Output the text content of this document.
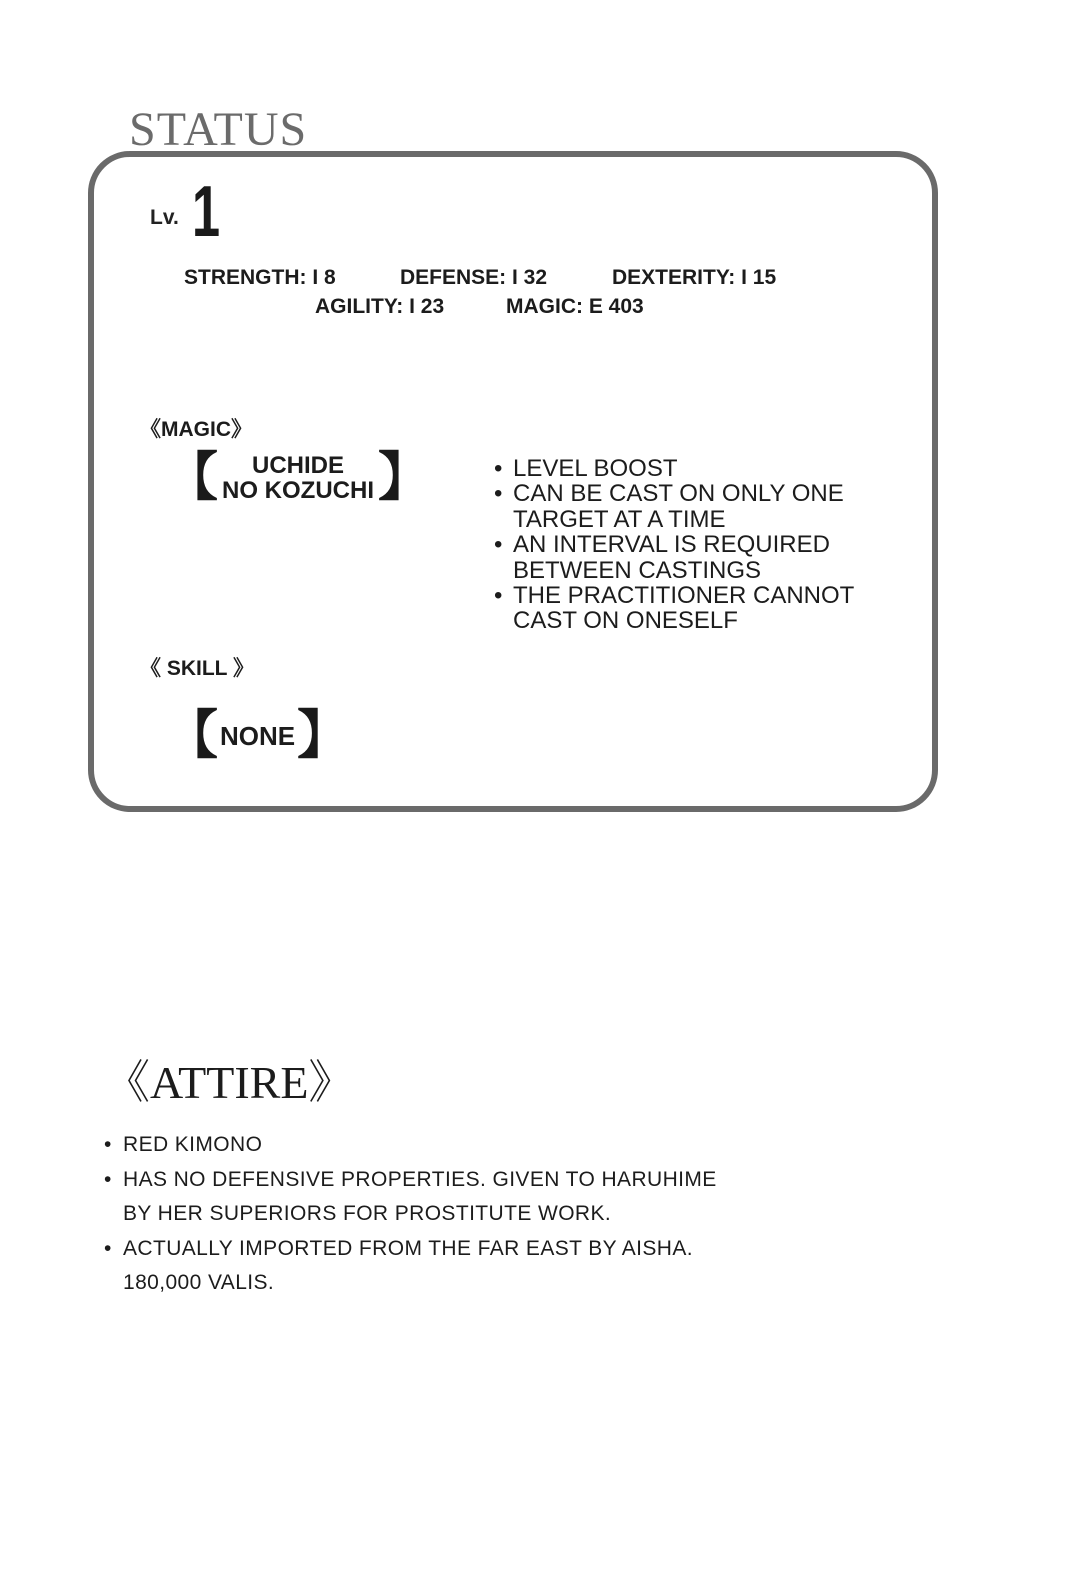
STATUS
Lv. 1
STRENGTH: I 8	DEFENSE: I 32	DEXTERITY: I 15
AGILITY: I 23	MAGIC: E 403
《MAGIC》
【	UCHIDE
NO KOZUCHI 】	• LEVEL BOOST
• CAN BE CAST ON ONLY ONE
TARGET AT A TIME
• AN INTERVAL IS REQUIRED
BETWEEN CASTINGS
• THE PRACTITIONER CANNOT
CAST ON ONESELF
《 SKILL 》
【 NONE 】
《ATTIRE》
• RED KIMONO
• HAS NO DEFENSIVE PROPERTIES. GIVEN TO HARUHIME
BY HER SUPERIORS FOR PROSTITUTE WORK.
• ACTUALLY IMPORTED FROM THE FAR EAST BY AISHA.
180,000 VALIS.
